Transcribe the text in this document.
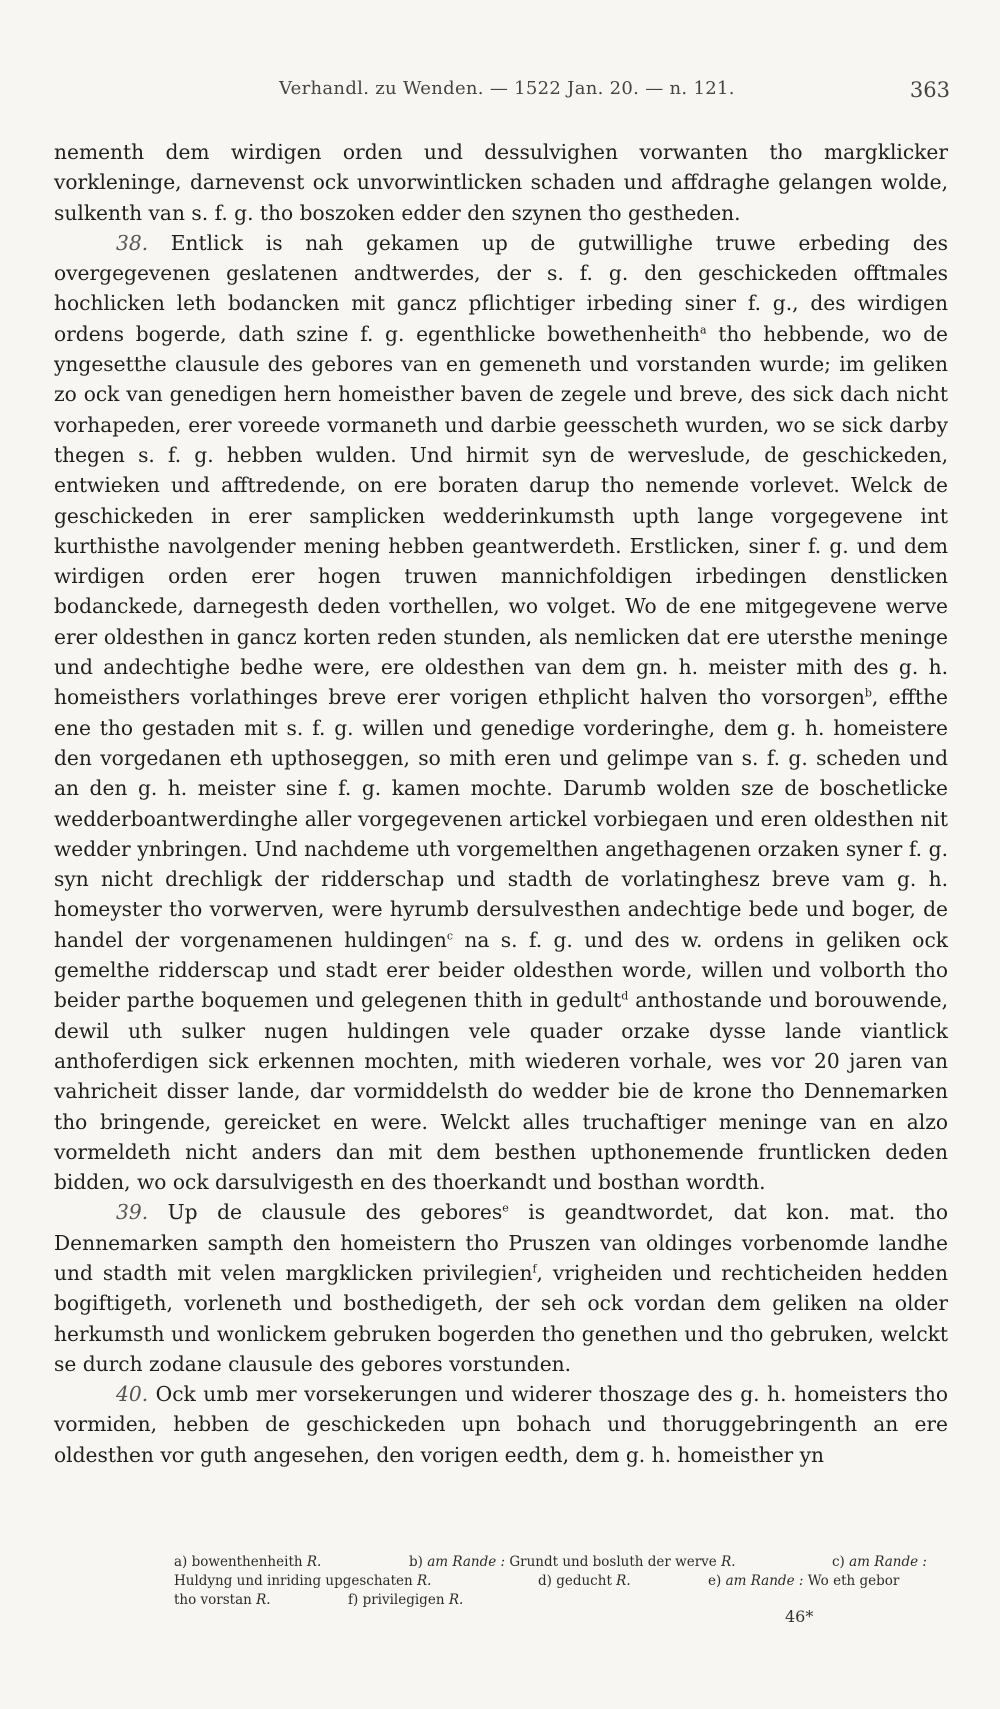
Verhandl. zu Wenden. — 1522 Jan. 20. — n. 121.	363

nementh dem wirdigen orden und dessulvighen vorwanten tho margklicker vorkleninge, darnevenst ock unvorwintlicken schaden und affdraghe gelangen wolde, sulkenth van s. f. g. tho boszoken edder den szynen tho gestheden.

38. Entlick is nah gekamen up de gutwillighe truwe erbeding des overgegevenen geslatenen andtwerdes, der s. f. g. den geschickeden offtmales hochlicken leth bodancken mit gancz pflichtiger irbeding siner f. g., des wirdigen ordens bogerde, dath szine f. g. egenthlicke bowethenheith$^a$ tho hebbende, wo de yngesetthe clausule des gebores van en gemeneth und vorstanden wurde; im geliken zo ock van genedigen hern homeisther baven de zegele und breve, des sick dach nicht vorhapeden, erer voreede vormaneth und darbie geesscheth wurden, wo se sick darby thegen s. f. g. hebben wulden. Und hirmit syn de werveslude, de geschickeden, entwieken und afftredende, on ere boraten darup tho nemende vorlevet. Welck de geschickeden in erer samplicken wedderinkumsth upth lange vorgegevene int kurthisthe navolgender mening hebben geantwerdeth. Erstlicken, siner f. g. und dem wirdigen orden erer hogen truwen mannichfoldigen irbedingen denstlicken bodanckede, darnegesth deden vorthellen, wo volget. Wo de ene mitgegevene werve erer oldesthen in gancz korten reden stunden, als nemlicken dat ere utersthe meninge und andechtighe bedhe were, ere oldesthen van dem gn. h. meister mith des g. h. homeisthers vorlathinges breve erer vorigen ethplicht halven tho vorsorgen$^b$, effthe ene tho gestaden mit s. f. g. willen und genedige vorderinghe, dem g. h. homeistere den vorgedanen eth upthoseggen, so mith eren und gelimpe van s. f. g. scheden und an den g. h. meister sine f. g. kamen mochte. Darumb wolden sze de boschetlicke wedderboantwerdinghe aller vorgegevenen artickel vorbiegaen und eren oldesthen nit wedder ynbringen. Und nachdeme uth vorgemelthen angethagenen orzaken syner f. g. syn nicht drechligk der ridderschap und stadth de vorlatinghesz breve vam g. h. homeyster tho vorwerven, were hyrumb dersulvesthen andechtige bede und boger, de handel der vorgenamenen huldingen$^c$ na s. f. g. und des w. ordens in geliken ock gemelthe ridderscap und stadt erer beider oldesthen worde, willen und volborth tho beider parthe boquemen und gelegenen thith in gedult$^d$ anthostande und borouwende, dewil uth sulker nugen huldingen vele quader orzake dysse lande viantlick anthoferdigen sick erkennen mochten, mith wiederen vorhale, wes vor 20 jaren van vahricheit disser lande, dar vormiddelsth do wedder bie de krone tho Dennemarken tho bringende, gereicket en were. Welckt alles truchaftiger meninge van en alzo vormeldeth nicht anders dan mit dem besthen upthonemende fruntlicken deden bidden, wo ock darsulvigesth en des thoerkandt und bosthan wordth.

39. Up de clausule des gebores$^e$ is geandtwordet, dat kon. mat. tho Dennemarken sampth den homeistern tho Pruszen van oldinges vorbenomde landhe und stadth mit velen margklicken privilegien$^f$, vrigheiden und rechticheiden hedden bogiftigeth, vorleneth und bosthedigeth, der seh ock vordan dem geliken na older herkumsth und wonlickem gebruken bogerden tho genethen und tho gebruken, welckt se durch zodane clausule des gebores vorstunden.

40. Ock umb mer vorsekerungen und widerer thoszage des g. h. homeisters tho vormiden, hebben de geschickeden upn bohach und thoruggebringenth an ere oldesthen vor guth angesehen, den vorigen eedth, dem g. h. homeisther yn

a) bowenthenheith R.	b) am Rande : Grundt und bosluth der werve R.	c) am Rande :
Huldyng und inriding upgeschaten R.	d) geducht R.	e) am Rande : Wo eth gebor
tho vorstan R.	f) privilegigen R.
46*
